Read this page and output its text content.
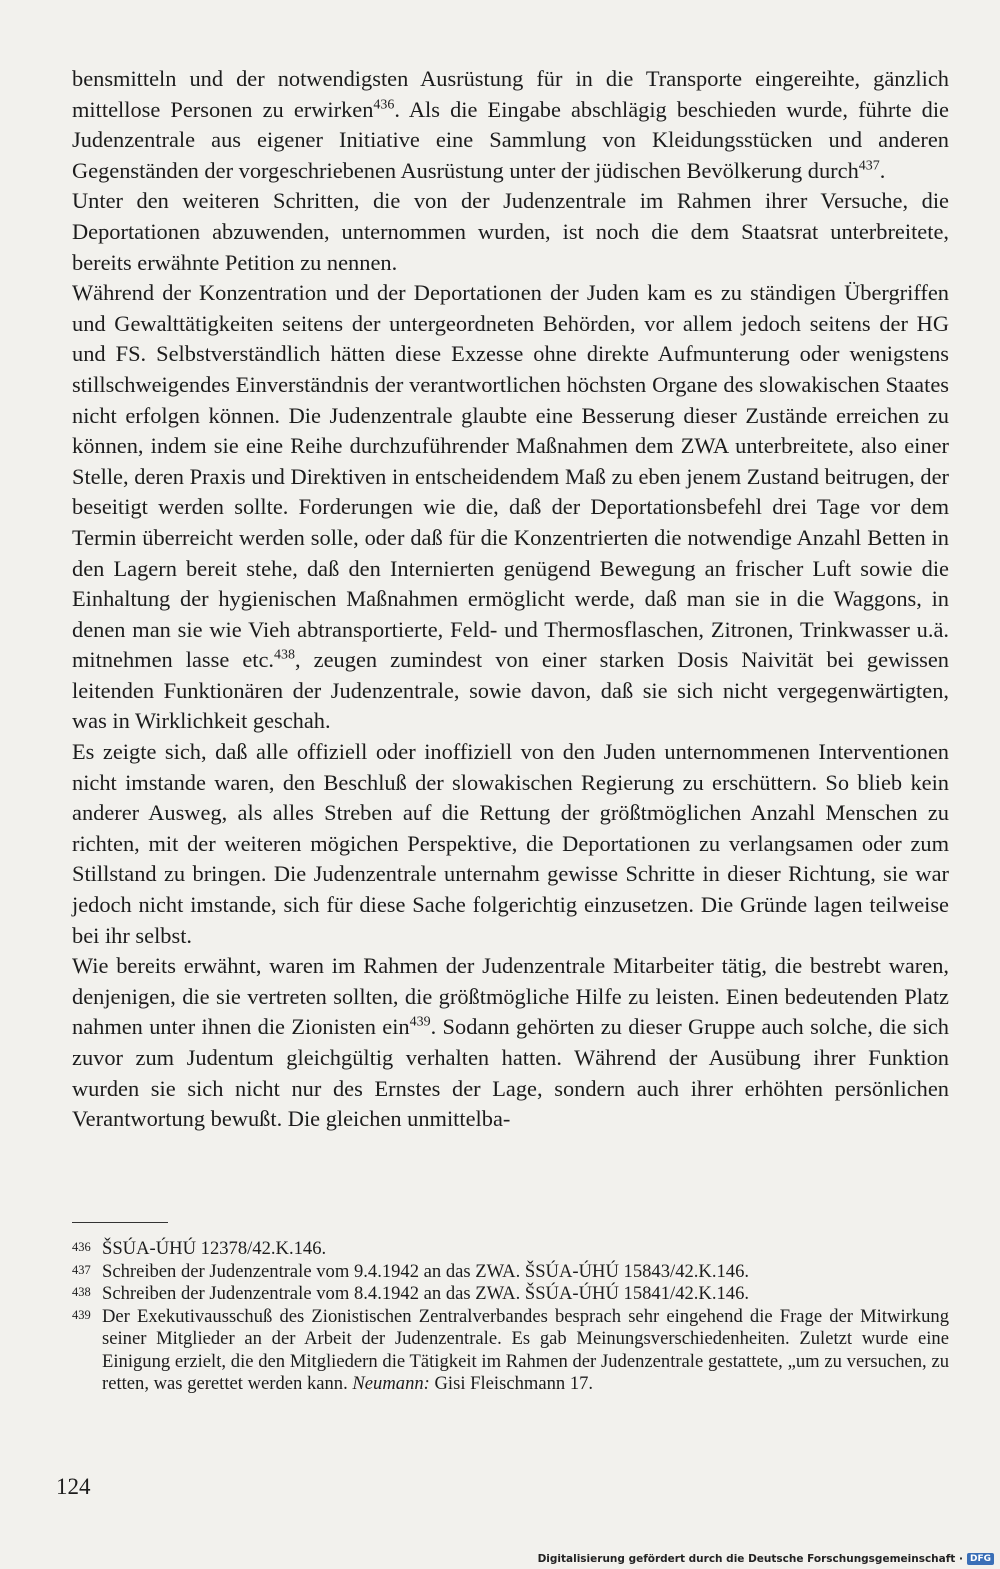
bensmitteln und der notwendigsten Ausrüstung für in die Transporte eingereihte, gänzlich mittellose Personen zu erwirken$^{436}$. Als die Eingabe abschlägig beschieden wurde, führte die Judenzentrale aus eigener Initiative eine Sammlung von Kleidungsstücken und anderen Gegenständen der vorgeschriebenen Ausrüstung unter der jüdischen Bevölkerung durch$^{437}$.

Unter den weiteren Schritten, die von der Judenzentrale im Rahmen ihrer Versuche, die Deportationen abzuwenden, unternommen wurden, ist noch die dem Staatsrat unterbreitete, bereits erwähnte Petition zu nennen.

Während der Konzentration und der Deportationen der Juden kam es zu ständigen Übergriffen und Gewalttätigkeiten seitens der untergeordneten Behörden, vor allem jedoch seitens der HG und FS. Selbstverständlich hätten diese Exzesse ohne direkte Aufmunterung oder wenigstens stillschweigendes Einverständnis der verantwortlichen höchsten Organe des slowakischen Staates nicht erfolgen können. Die Judenzentrale glaubte eine Besserung dieser Zustände erreichen zu können, indem sie eine Reihe durchzuführender Maßnahmen dem ZWA unterbreitete, also einer Stelle, deren Praxis und Direktiven in entscheidendem Maß zu eben jenem Zustand beitrugen, der beseitigt werden sollte. Forderungen wie die, daß der Deportationsbefehl drei Tage vor dem Termin überreicht werden solle, oder daß für die Konzentrierten die notwendige Anzahl Betten in den Lagern bereit stehe, daß den Internierten genügend Bewegung an frischer Luft sowie die Einhaltung der hygienischen Maßnahmen ermöglicht werde, daß man sie in die Waggons, in denen man sie wie Vieh abtransportierte, Feld- und Thermosflaschen, Zitronen, Trinkwasser u.ä. mitnehmen lasse etc.$^{438}$, zeugen zumindest von einer starken Dosis Naivität bei gewissen leitenden Funktionären der Judenzentrale, sowie davon, daß sie sich nicht vergegenwärtigten, was in Wirklichkeit geschah.

Es zeigte sich, daß alle offiziell oder inoffiziell von den Juden unternommenen Interventionen nicht imstande waren, den Beschluß der slowakischen Regierung zu erschüttern. So blieb kein anderer Ausweg, als alles Streben auf die Rettung der größtmöglichen Anzahl Menschen zu richten, mit der weiteren mögichen Perspektive, die Deportationen zu verlangsamen oder zum Stillstand zu bringen. Die Judenzentrale unternahm gewisse Schritte in dieser Richtung, sie war jedoch nicht imstande, sich für diese Sache folgerichtig einzusetzen. Die Gründe lagen teilweise bei ihr selbst.

Wie bereits erwähnt, waren im Rahmen der Judenzentrale Mitarbeiter tätig, die bestrebt waren, denjenigen, die sie vertreten sollten, die größtmögliche Hilfe zu leisten. Einen bedeutenden Platz nahmen unter ihnen die Zionisten ein$^{439}$. Sodann gehörten zu dieser Gruppe auch solche, die sich zuvor zum Judentum gleichgültig verhalten hatten. Während der Ausübung ihrer Funktion wurden sie sich nicht nur des Ernstes der Lage, sondern auch ihrer erhöhten persönlichen Verantwortung bewußt. Die gleichen unmittelba-

436 ŠSÚA-ÚHÚ 12378/42.K.146.
437 Schreiben der Judenzentrale vom 9.4.1942 an das ZWA. ŠSÚA-ÚHÚ 15843/42.K.146.
438 Schreiben der Judenzentrale vom 8.4.1942 an das ZWA. ŠSÚA-ÚHÚ 15841/42.K.146.
439 Der Exekutivausschuß des Zionistischen Zentralverbandes besprach sehr eingehend die Frage der Mitwirkung seiner Mitglieder an der Arbeit der Judenzentrale. Es gab Meinungsverschiedenheiten. Zuletzt wurde eine Einigung erzielt, die den Mitgliedern die Tätigkeit im Rahmen der Judenzentrale gestattete, „um zu versuchen, zu retten, was gerettet werden kann. Neumann: Gisi Fleischmann 17.
124
Digitalisierung gefördert durch die Deutsche Forschungsgemeinschaft · DFG
